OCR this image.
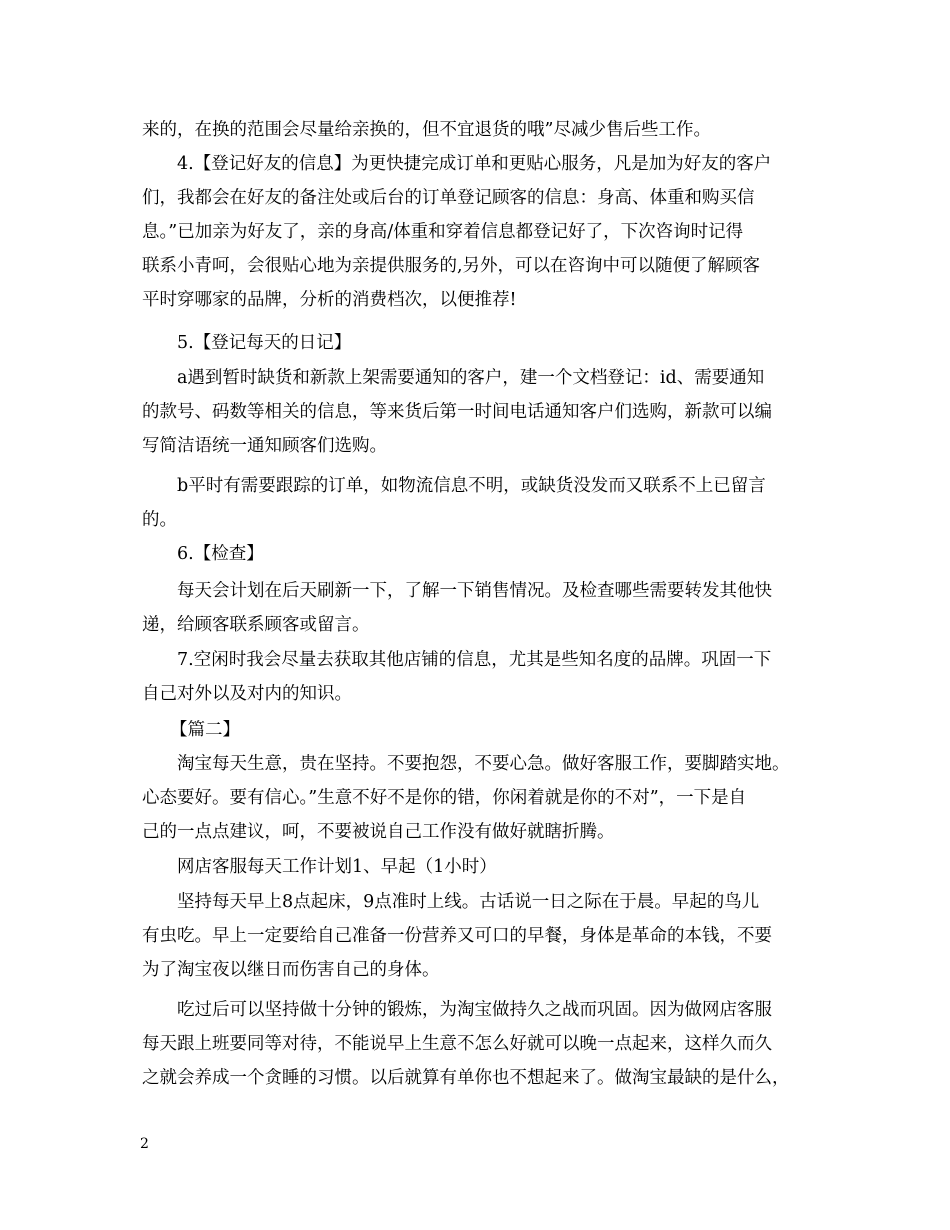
来的，在换的范围会尽量给亲换的，但不宜退货的哦”尽减少售后些工作。
4.【登记好友的信息】为更快捷完成订单和更贴心服务，凡是加为好友的客户
们，我都会在好友的备注处或后台的订单登记顾客的信息：身高、体重和购买信
息。”已加亲为好友了，亲的身高/体重和穿着信息都登记好了，下次咨询时记得
联系小青呵，会很贴心地为亲提供服务的,另外，可以在咨询中可以随便了解顾客
平时穿哪家的品牌，分析的消费档次，以便推荐!
5.【登记每天的日记】
a遇到暂时缺货和新款上架需要通知的客户，建一个文档登记：id、需要通知
的款号、码数等相关的信息，等来货后第一时间电话通知客户们选购，新款可以编
写简洁语统一通知顾客们选购。
b平时有需要跟踪的订单，如物流信息不明，或缺货没发而又联系不上已留言
的。
6.【检查】
每天会计划在后天刷新一下，了解一下销售情况。及检查哪些需要转发其他快
递，给顾客联系顾客或留言。
7.空闲时我会尽量去获取其他店铺的信息，尤其是些知名度的品牌。巩固一下
自己对外以及对内的知识。
【篇二】
淘宝每天生意，贵在坚持。不要抱怨，不要心急。做好客服工作，要脚踏实地。
心态要好。要有信心。”生意不好不是你的错，你闲着就是你的不对”，一下是自
己的一点点建议，呵，不要被说自己工作没有做好就瞎折腾。
网店客服每天工作计划1、早起（1小时）
坚持每天早上8点起床，9点准时上线。古话说一日之际在于晨。早起的鸟儿
有虫吃。早上一定要给自己准备一份营养又可口的早餐，身体是革命的本钱，不要
为了淘宝夜以继日而伤害自己的身体。
吃过后可以坚持做十分钟的锻炼，为淘宝做持久之战而巩固。因为做网店客服
每天跟上班要同等对待，不能说早上生意不怎么好就可以晚一点起来，这样久而久
之就会养成一个贪睡的习惯。以后就算有单你也不想起来了。做淘宝最缺的是什么，
2
